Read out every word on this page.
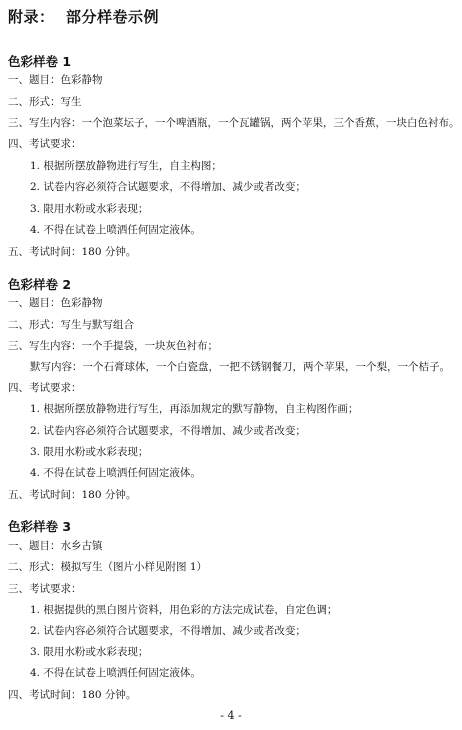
附录：  部分样卷示例
色彩样卷 1
一、题目：色彩静物
二、形式：写生
三、写生内容：一个泡菜坛子，一个啤酒瓶，一个瓦罐锅，两个苹果，三个香蕉，一块白色衬布。
四、考试要求：
1. 根据所摆放静物进行写生，自主构图；
2. 试卷内容必须符合试题要求，不得增加、减少或者改变；
3. 限用水粉或水彩表现；
4. 不得在试卷上喷洒任何固定液体。
五、考试时间：180 分钟。
色彩样卷 2
一、题目：色彩静物
二、形式：写生与默写组合
三、写生内容：一个手提袋，一块灰色衬布；
默写内容：一个石膏球体，一个白瓷盘，一把不锈钢餐刀，两个苹果，一个梨，一个桔子。
四、考试要求：
1. 根据所摆放静物进行写生，再添加规定的默写静物，自主构图作画；
2. 试卷内容必须符合试题要求，不得增加、减少或者改变；
3. 限用水粉或水彩表现；
4. 不得在试卷上喷洒任何固定液体。
五、考试时间：180 分钟。
色彩样卷 3
一、题目：水乡古镇
二、形式：模拟写生（图片小样见附图 1）
三、考试要求：
1. 根据提供的黑白图片资料，用色彩的方法完成试卷，自定色调；
2. 试卷内容必须符合试题要求，不得增加、减少或者改变；
3. 限用水粉或水彩表现；
4. 不得在试卷上喷洒任何固定液体。
四、考试时间：180 分钟。
- 4 -
